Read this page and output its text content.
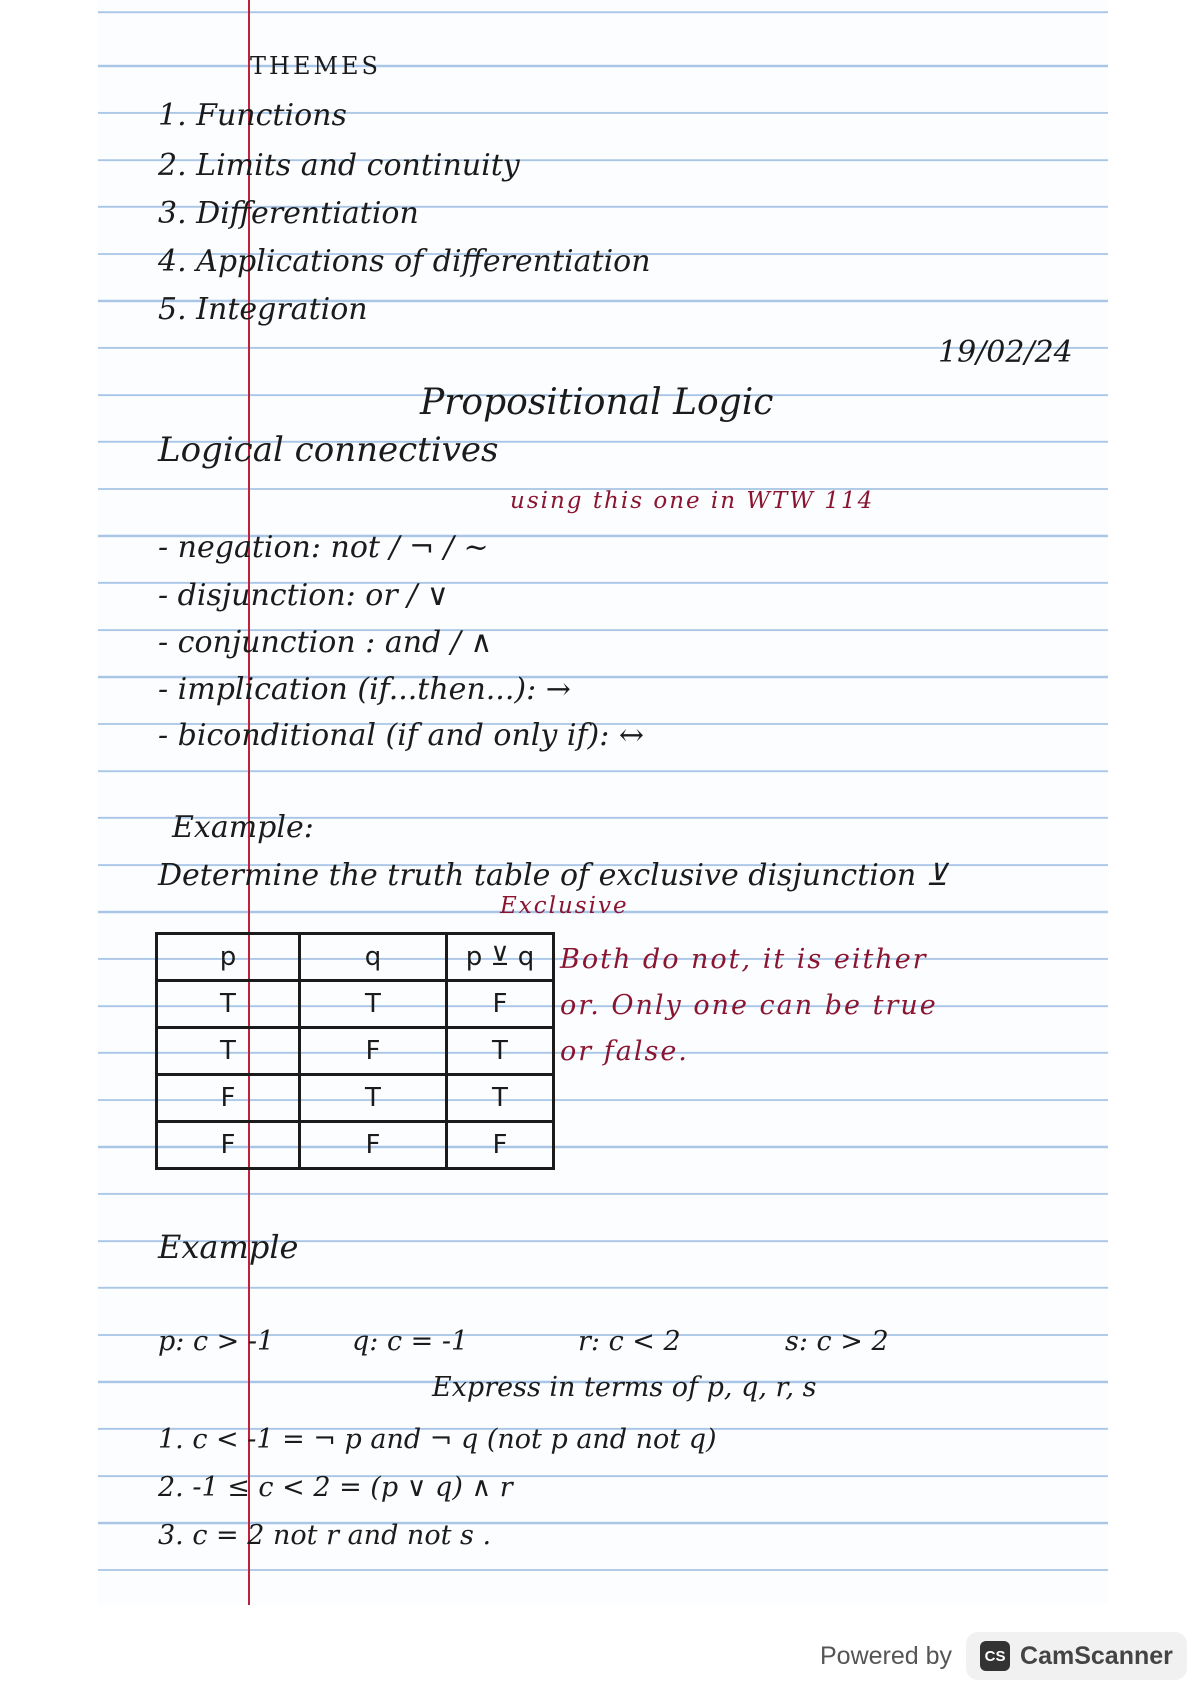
THEMES
1. Functions
2. Limits and continuity
3. Differentiation
4. Applications of differentiation
5. Integration
19/02/24
Propositional Logic
Logical connectives
using this one in WTW 114
- negation: not / ¬ / ~
- disjunction: or / ∨
- conjunction : and / ∧
- implication (if...then...): →
- biconditional (if and only if): ↔
Example:
Determine the truth table of exclusive disjunction ⊻
Exclusive
p	q	p ⊻ q
T	T	F
T	F	T
F	T	T
F	F	F
Both do not, it is either
or. Only one can be true
or false.
Example
p: c > -1	q: c = -1	r: c < 2	s: c > 2
Express in terms of p, q, r, s
1. c < -1 = ¬ p and ¬ q (not p and not q)
2. -1 ≤ c < 2 = (p ∨ q) ∧ r
3. c = 2 not r and not s .
Powered by	CS CamScanner
